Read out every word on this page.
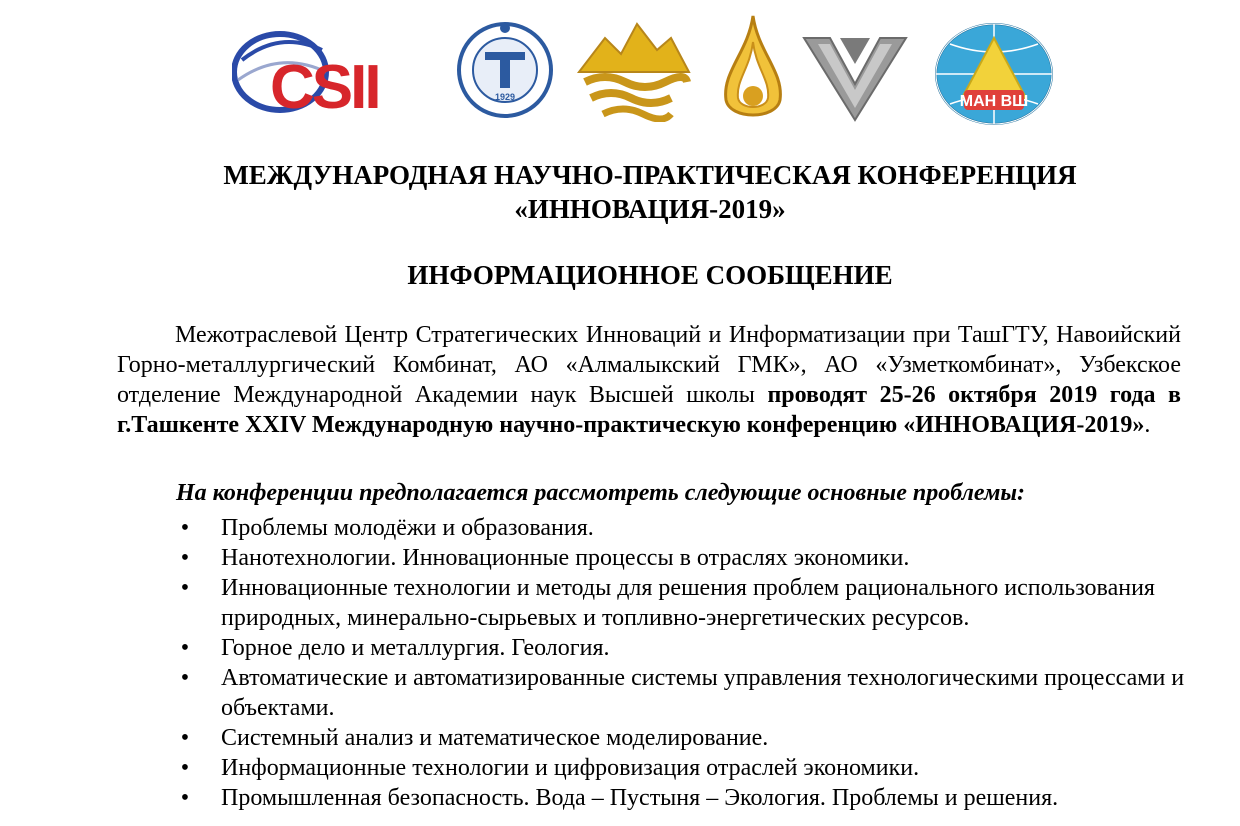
CSII	1929	МАН ВШ
МЕЖДУНАРОДНАЯ НАУЧНО-ПРАКТИЧЕСКАЯ КОНФЕРЕНЦИЯ
«ИННОВАЦИЯ-2019»
ИНФОРМАЦИОННОЕ СООБЩЕНИЕ
Межотраслевой Центр Стратегических Инноваций и Информатизации при ТашГТУ, Навоийский Горно-металлургический Комбинат, АО «Алмалыкский ГМК», АО «Узметкомбинат», Узбекское отделение Международной Академии наук Высшей школы проводят 25-26 октября 2019 года в г.Ташкенте XXIV Международную научно-практическую конференцию «ИННОВАЦИЯ-2019».
На конференции предполагается рассмотреть следующие основные проблемы:
• Проблемы молодёжи и образования.
• Нанотехнологии. Инновационные процессы в отраслях экономики.
• Инновационные технологии и методы для решения проблем рационального использования природных, минерально-сырьевых и топливно-энергетических ресурсов.
• Горное дело и металлургия. Геология.
• Автоматические и автоматизированные системы управления технологическими процессами и объектами.
• Системный анализ и математическое моделирование.
• Информационные технологии и цифровизация отраслей экономики.
• Промышленная безопасность. Вода – Пустыня – Экология. Проблемы и решения.
